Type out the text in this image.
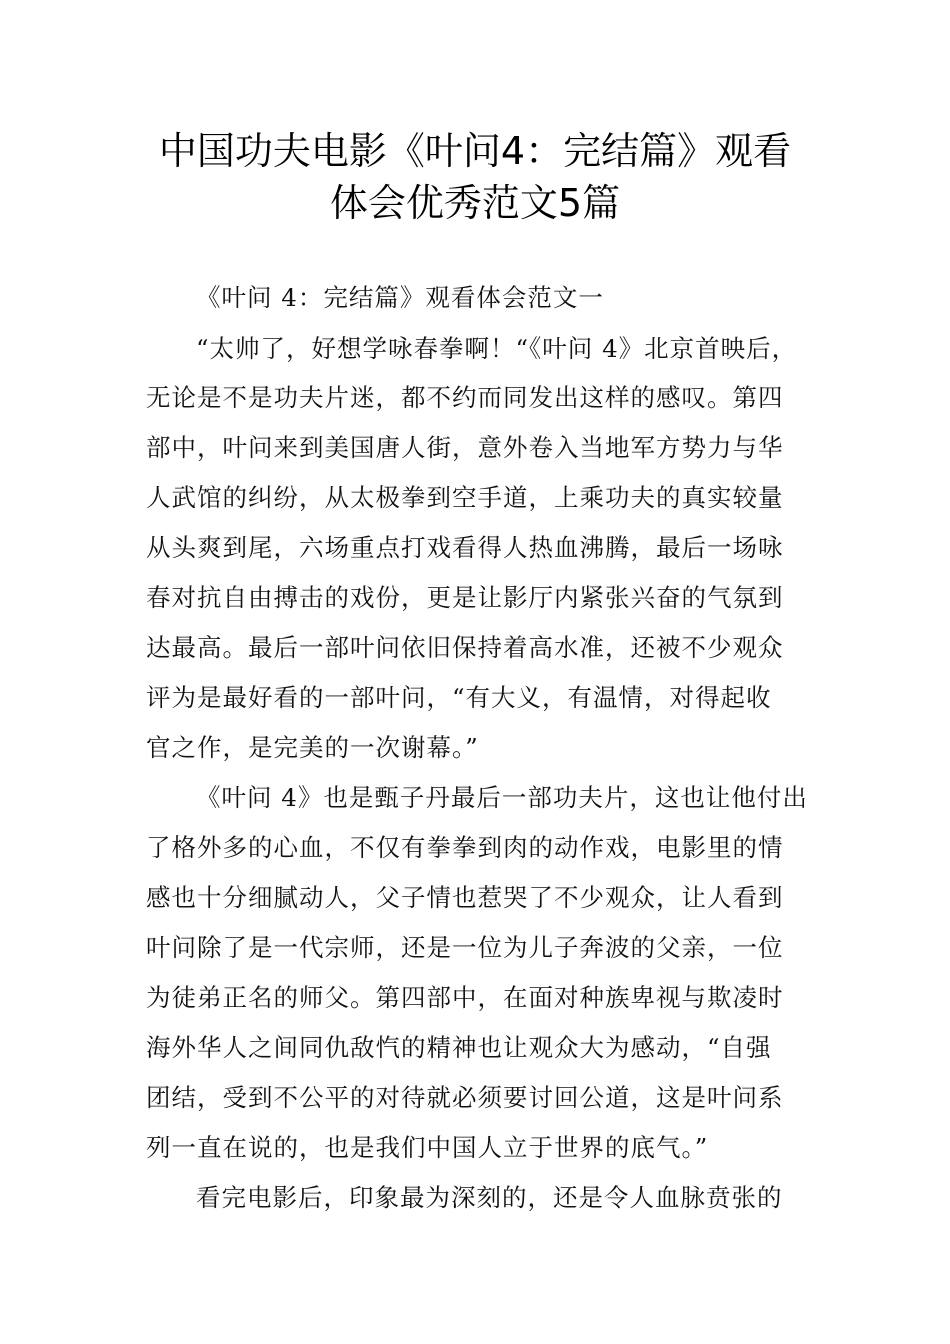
中国功夫电影《叶问4：完结篇》观看
体会优秀范文5篇
《叶问 4：完结篇》观看体会范文一
“太帅了，好想学咏春拳啊！“《叶问 4》北京首映后，
无论是不是功夫片迷，都不约而同发出这样的感叹。第四
部中，叶问来到美国唐人街，意外卷入当地军方势力与华
人武馆的纠纷，从太极拳到空手道，上乘功夫的真实较量
从头爽到尾，六场重点打戏看得人热血沸腾，最后一场咏
春对抗自由搏击的戏份，更是让影厅内紧张兴奋的气氛到
达最高。最后一部叶问依旧保持着高水准，还被不少观众
评为是最好看的一部叶问，“有大义，有温情，对得起收
官之作，是完美的一次谢幕。”
《叶问 4》也是甄子丹最后一部功夫片，这也让他付出
了格外多的心血，不仅有拳拳到肉的动作戏，电影里的情
感也十分细腻动人，父子情也惹哭了不少观众，让人看到
叶问除了是一代宗师，还是一位为儿子奔波的父亲，一位
为徒弟正名的师父。第四部中，在面对种族卑视与欺凌时
海外华人之间同仇敌忾的精神也让观众大为感动，“自强
团结，受到不公平的对待就必须要讨回公道，这是叶问系
列一直在说的，也是我们中国人立于世界的底气。”
看完电影后，印象最为深刻的，还是令人血脉贲张的
